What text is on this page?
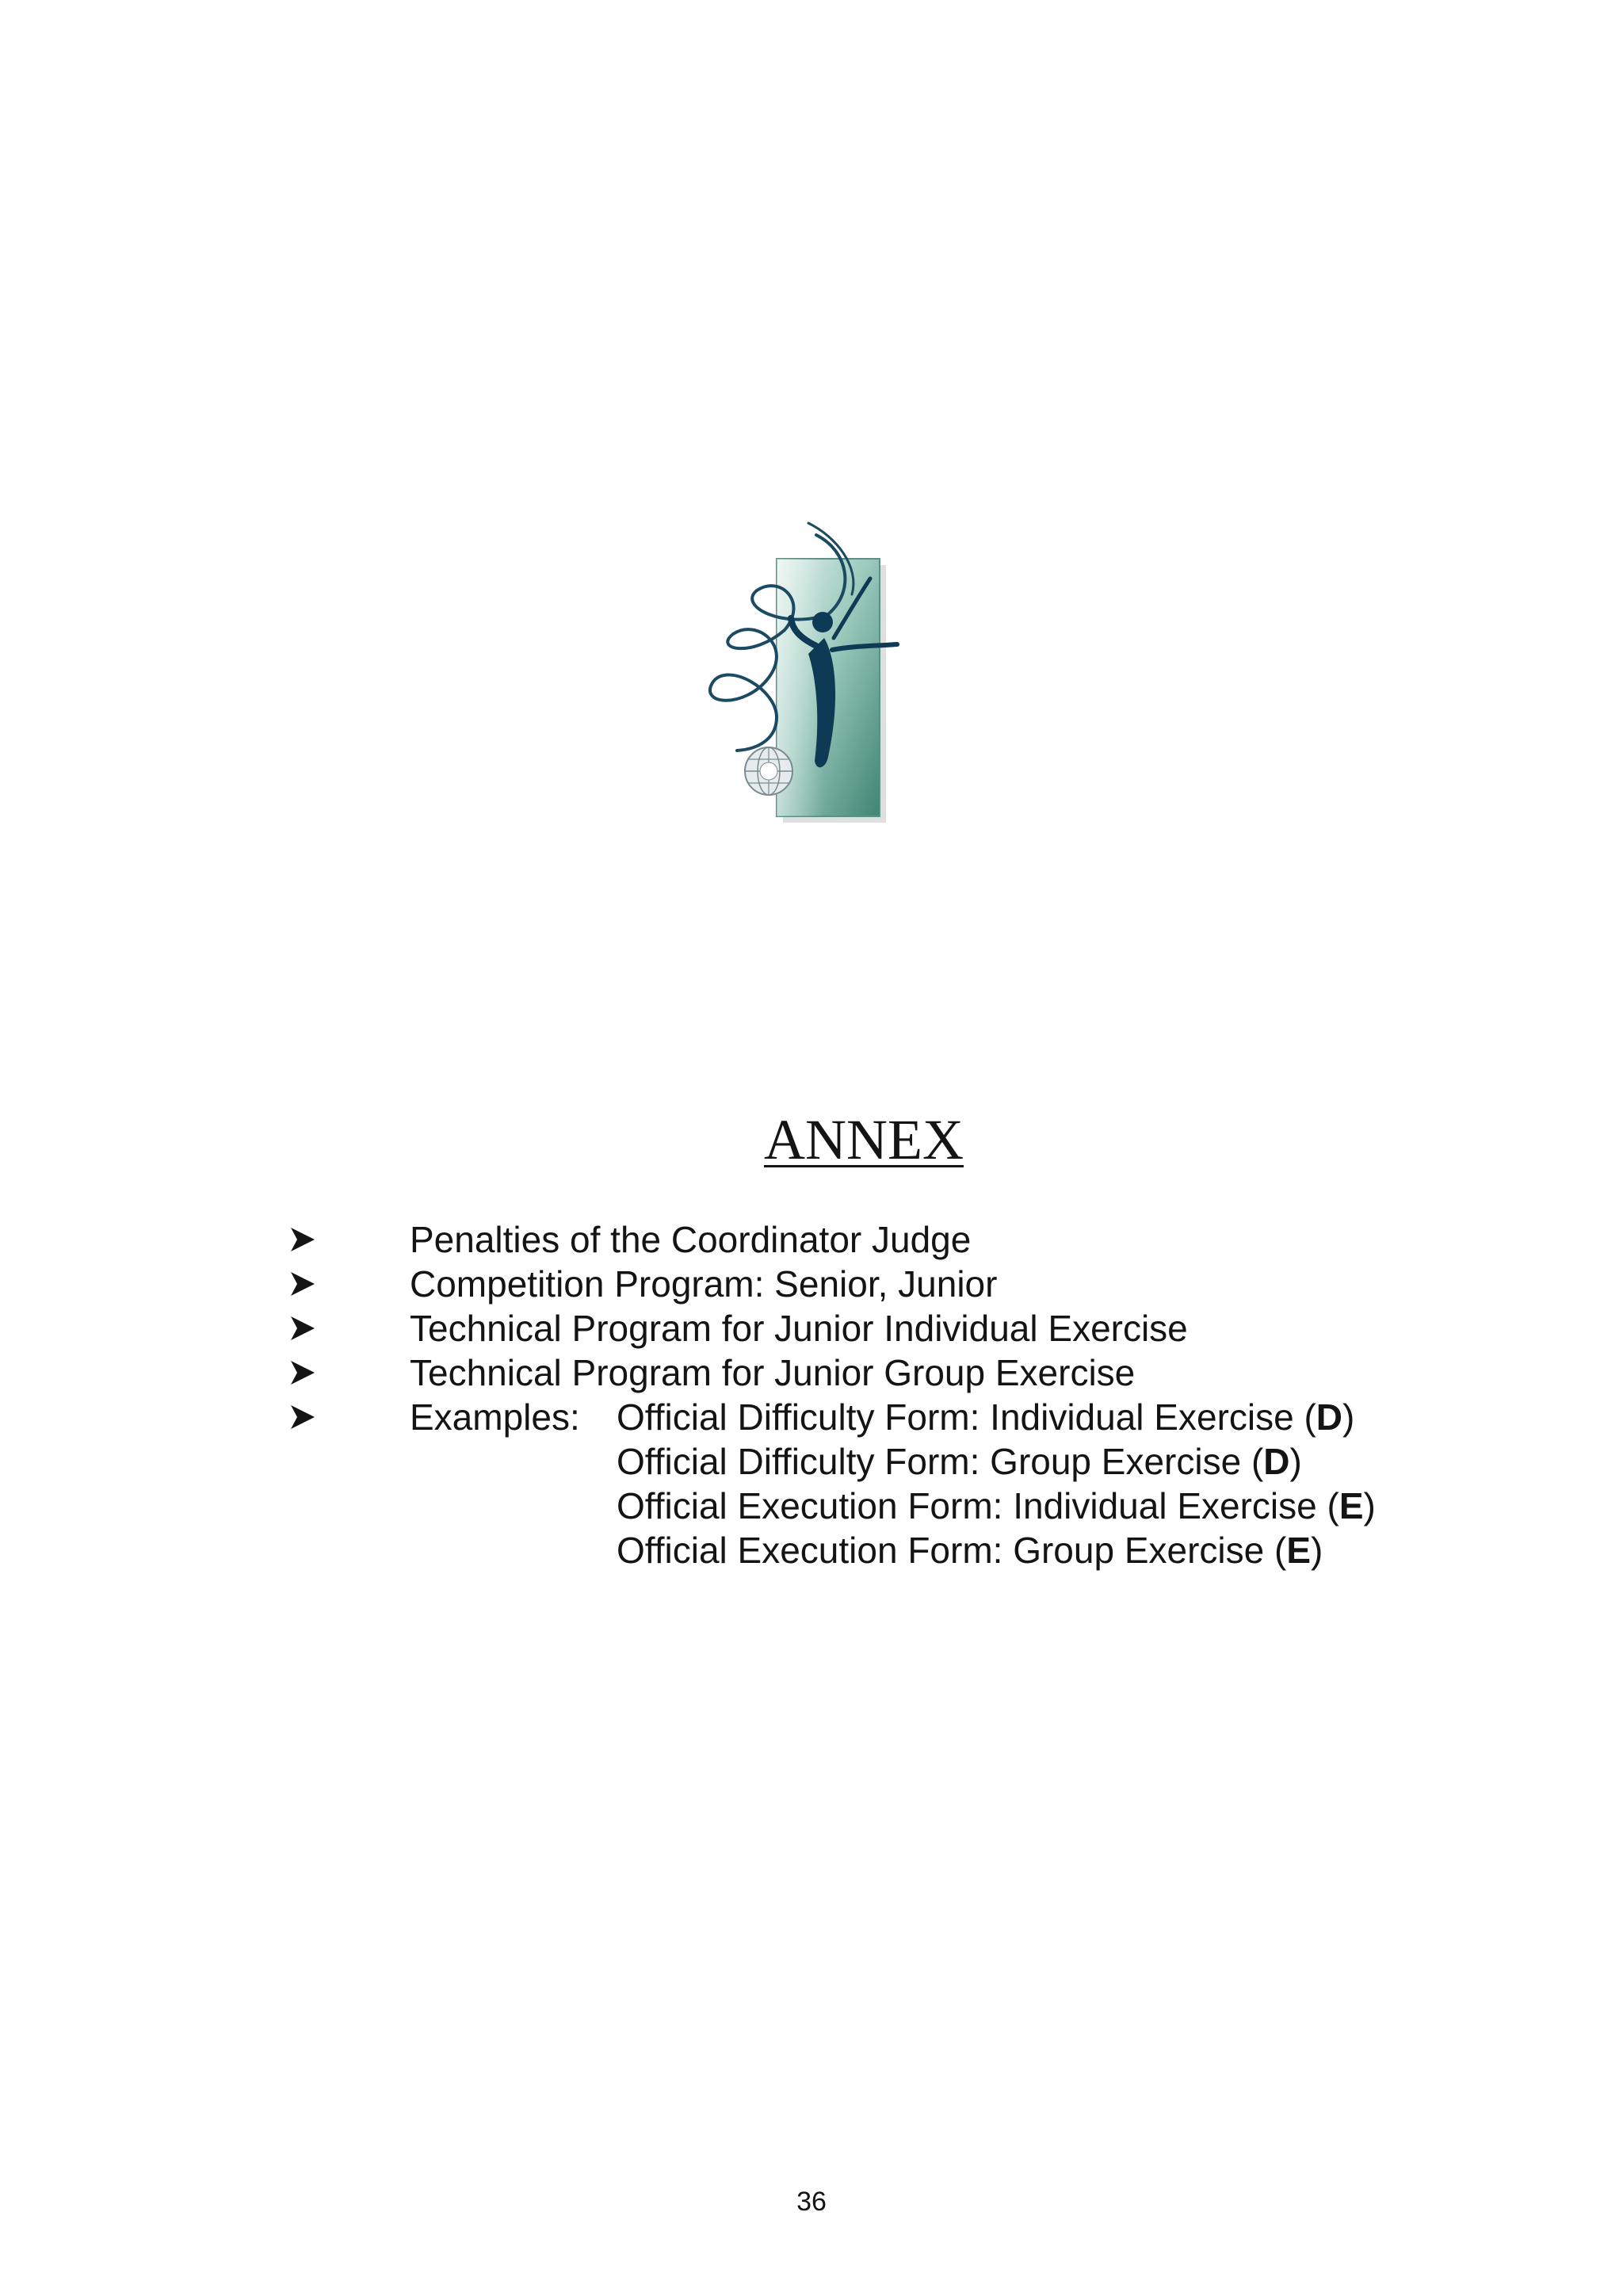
ANNEX
Penalties of the Coordinator Judge
Competition Program: Senior, Junior
Technical Program for Junior Individual Exercise
Technical Program for Junior Group Exercise
Examples: Official Difficulty Form: Individual Exercise (D)
Official Difficulty Form: Group Exercise (D)
Official Execution Form: Individual Exercise (E)
Official Execution Form: Group Exercise (E)
36
